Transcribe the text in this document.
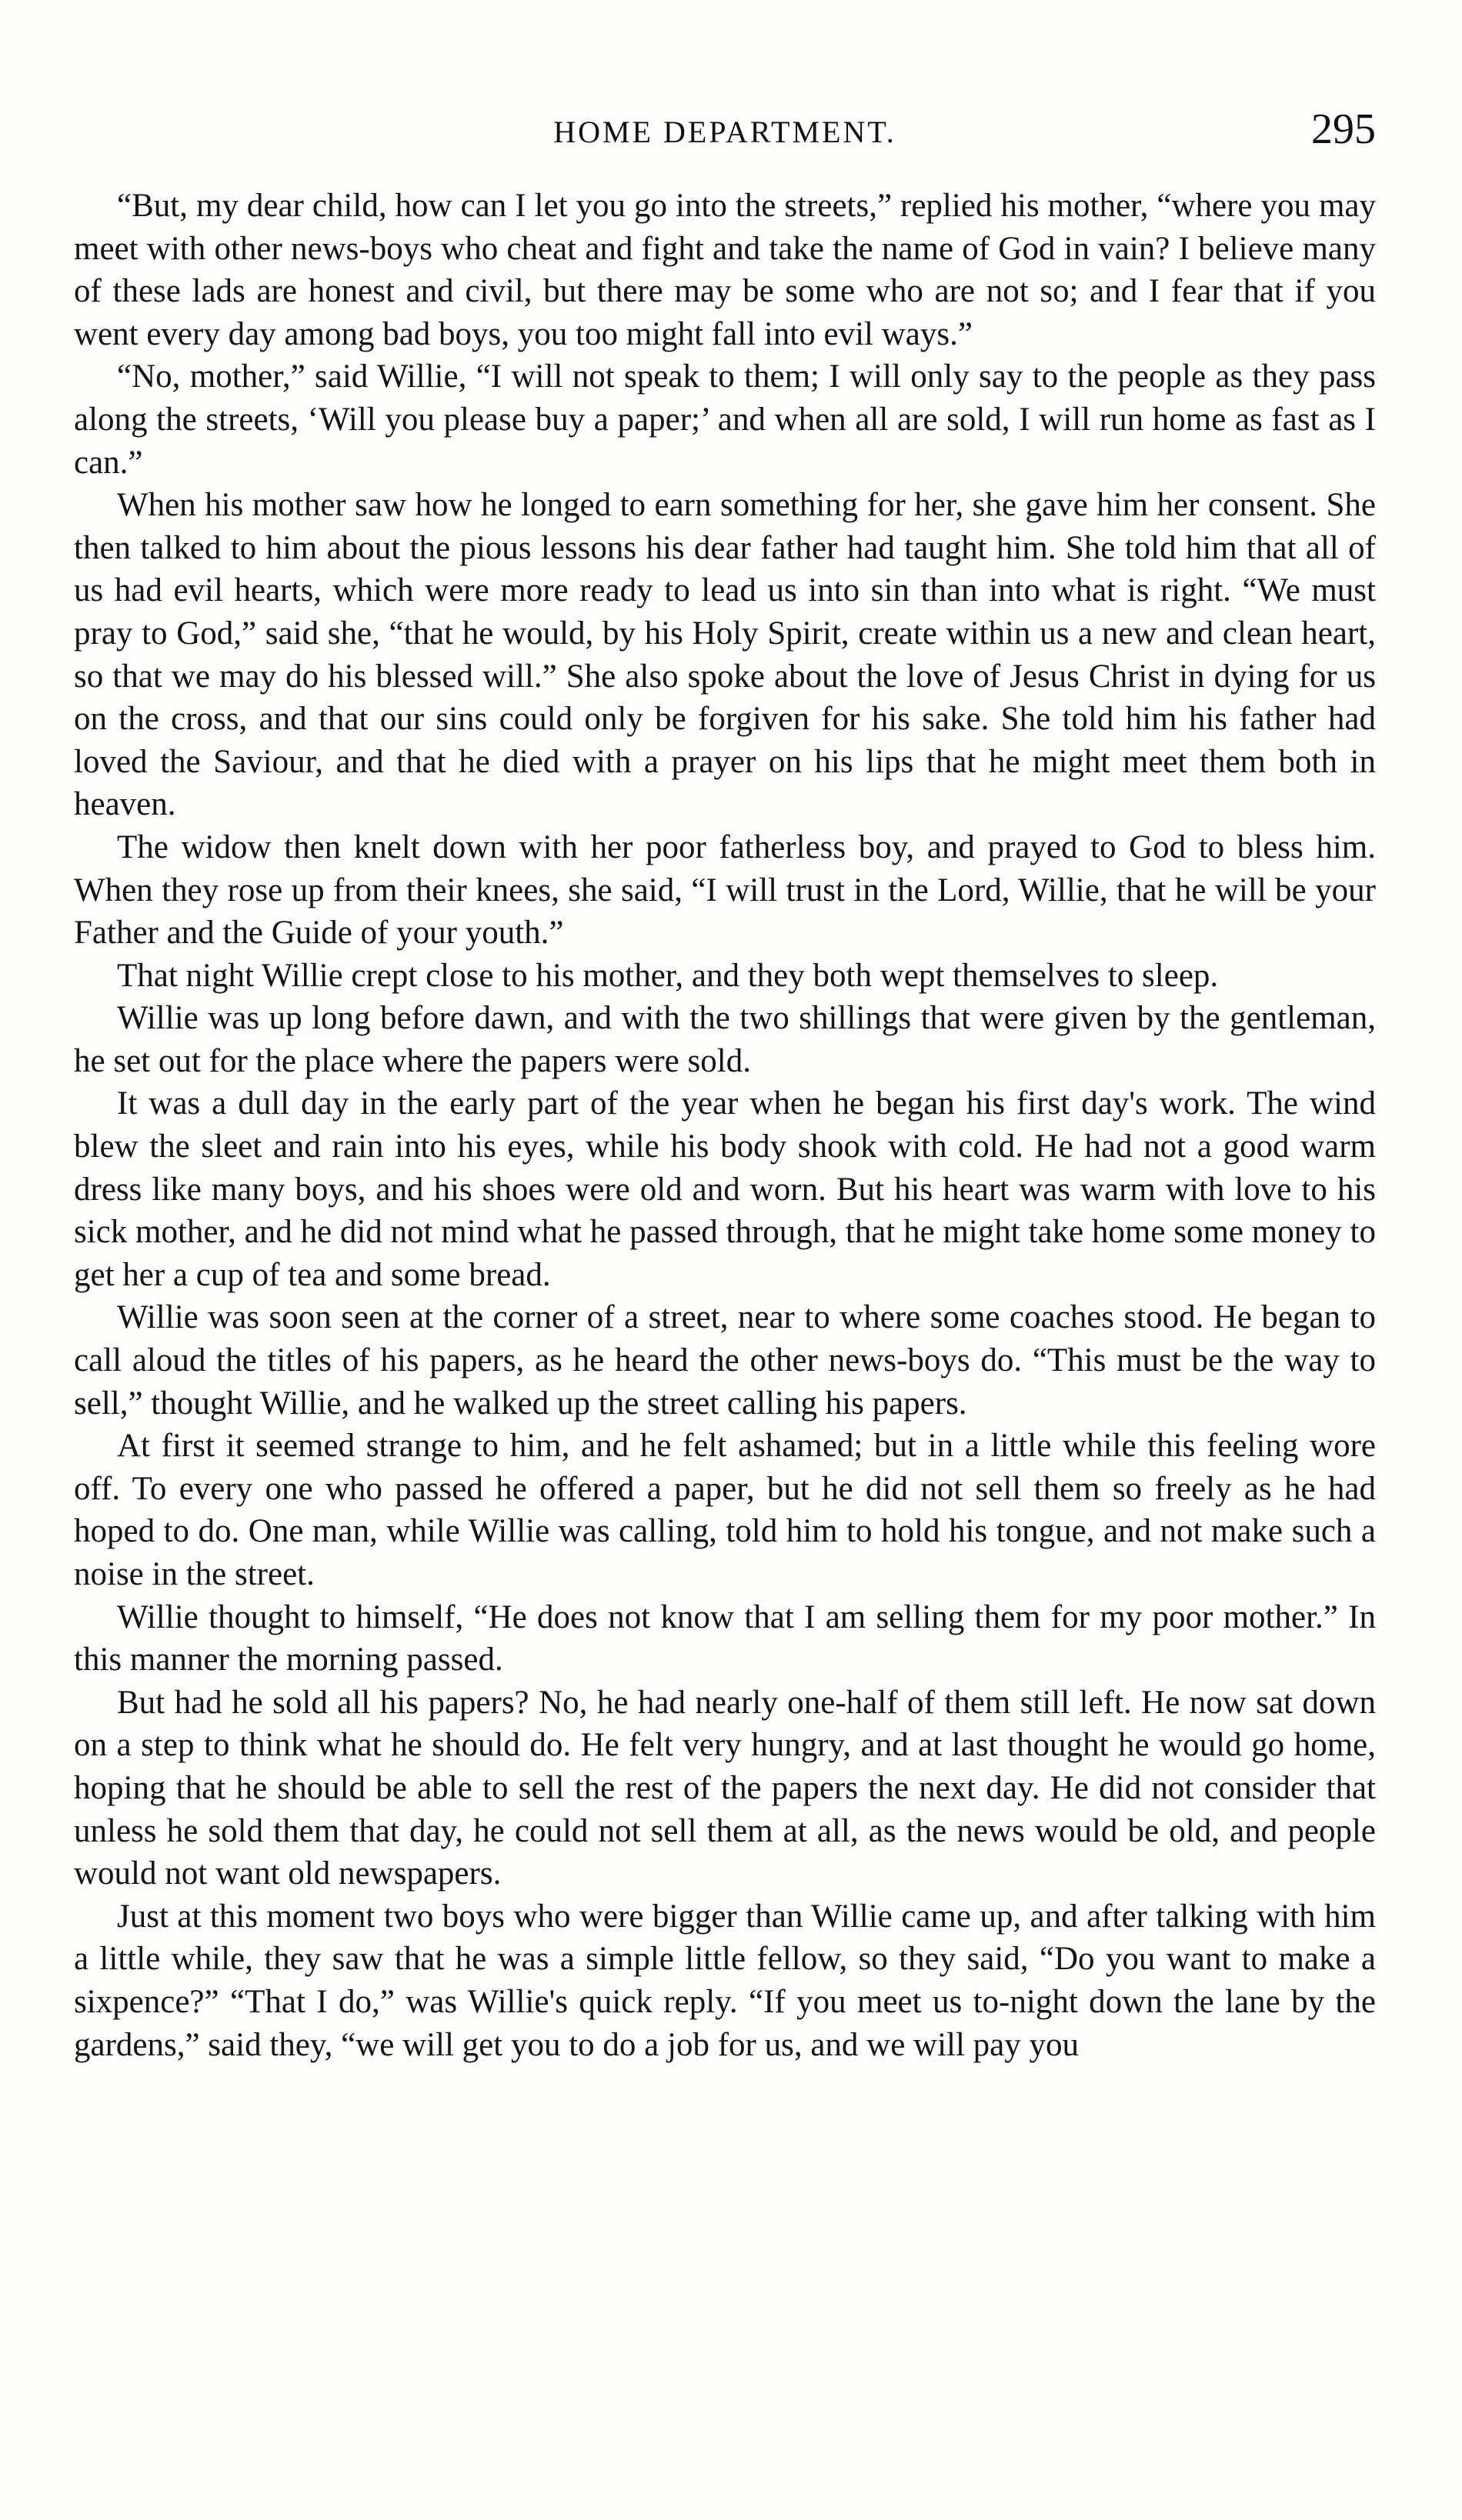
HOME DEPARTMENT.	295

“But, my dear child, how can I let you go into the streets,” replied his mother, “where you may meet with other news-boys who cheat and fight and take the name of God in vain? I believe many of these lads are honest and civil, but there may be some who are not so; and I fear that if you went every day among bad boys, you too might fall into evil ways.”

“No, mother,” said Willie, “I will not speak to them; I will only say to the people as they pass along the streets, ‘Will you please buy a paper;’ and when all are sold, I will run home as fast as I can.”

When his mother saw how he longed to earn something for her, she gave him her consent. She then talked to him about the pious lessons his dear father had taught him. She told him that all of us had evil hearts, which were more ready to lead us into sin than into what is right. “We must pray to God,” said she, “that he would, by his Holy Spirit, create within us a new and clean heart, so that we may do his blessed will.” She also spoke about the love of Jesus Christ in dying for us on the cross, and that our sins could only be forgiven for his sake. She told him his father had loved the Saviour, and that he died with a prayer on his lips that he might meet them both in heaven.

The widow then knelt down with her poor fatherless boy, and prayed to God to bless him. When they rose up from their knees, she said, “I will trust in the Lord, Willie, that he will be your Father and the Guide of your youth.”

That night Willie crept close to his mother, and they both wept themselves to sleep.

Willie was up long before dawn, and with the two shillings that were given by the gentleman, he set out for the place where the papers were sold.

It was a dull day in the early part of the year when he began his first day's work. The wind blew the sleet and rain into his eyes, while his body shook with cold. He had not a good warm dress like many boys, and his shoes were old and worn. But his heart was warm with love to his sick mother, and he did not mind what he passed through, that he might take home some money to get her a cup of tea and some bread.

Willie was soon seen at the corner of a street, near to where some coaches stood. He began to call aloud the titles of his papers, as he heard the other news-boys do. “This must be the way to sell,” thought Willie, and he walked up the street calling his papers.

At first it seemed strange to him, and he felt ashamed; but in a little while this feeling wore off. To every one who passed he offered a paper, but he did not sell them so freely as he had hoped to do. One man, while Willie was calling, told him to hold his tongue, and not make such a noise in the street.

Willie thought to himself, “He does not know that I am selling them for my poor mother.” In this manner the morning passed.

But had he sold all his papers? No, he had nearly one-half of them still left. He now sat down on a step to think what he should do. He felt very hungry, and at last thought he would go home, hoping that he should be able to sell the rest of the papers the next day. He did not consider that unless he sold them that day, he could not sell them at all, as the news would be old, and people would not want old newspapers.

Just at this moment two boys who were bigger than Willie came up, and after talking with him a little while, they saw that he was a simple little fellow, so they said, “Do you want to make a sixpence?” “That I do,” was Willie's quick reply. “If you meet us to-night down the lane by the gardens,” said they, “we will get you to do a job for us, and we will pay you
